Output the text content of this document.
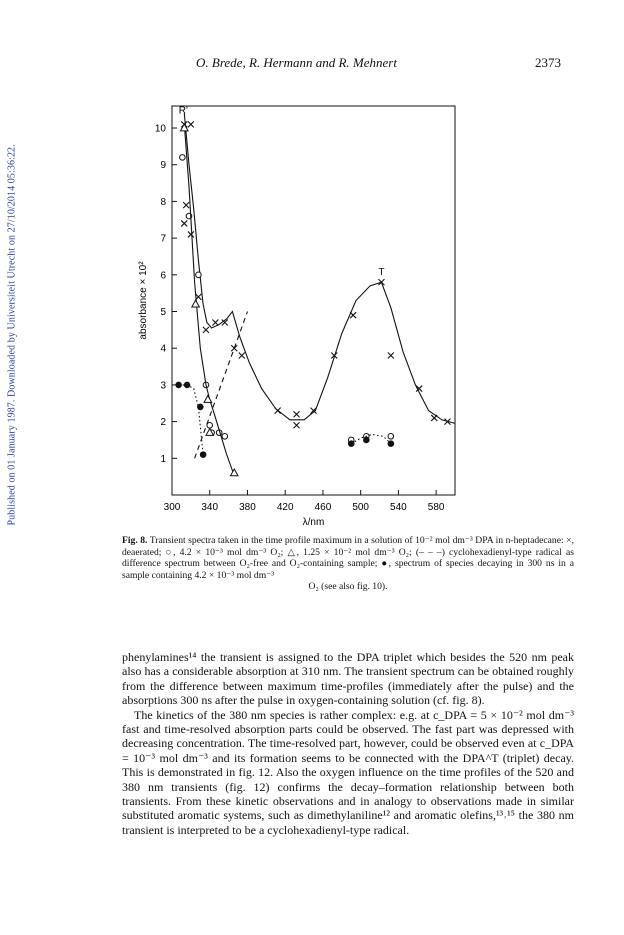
Published on 01 January 1987. Downloaded by Universiteit Utrecht on 27/10/2014 05:36:22.
O. Brede, R. Hermann and R. Mehnert	2373
300 340 380 420 460 500 540 580
1
2
3
4
5
6
7
8
9
10
λ/nm
absorbance × 10²
R'
T
Fig. 8. Transient spectra taken in the time profile maximum in a solution of 10⁻² mol dm⁻³ DPA in n-heptadecane: ×, deaerated; ○, 4.2 × 10⁻³ mol dm⁻³ O₂; △, 1.25 × 10⁻² mol dm⁻³ O₂; (– – –) cyclohexadienyl-type radical as difference spectrum between O₂-free and O₂-containing sample; ●, spectrum of species decaying in 300 ns in a sample containing 4.2 × 10⁻³ mol dm⁻³
O₂ (see also fig. 10).

phenylamines¹⁴ the transient is assigned to the DPA triplet which besides the 520 nm peak also has a considerable absorption at 310 nm. The transient spectrum can be obtained roughly from the difference between maximum time-profiles (immediately after the pulse) and the absorptions 300 ns after the pulse in oxygen-containing solution (cf. fig. 8).

The kinetics of the 380 nm species is rather complex: e.g. at c_DPA = 5 × 10⁻² mol dm⁻³ fast and time-resolved absorption parts could be observed. The fast part was depressed with decreasing concentration. The time-resolved part, however, could be observed even at c_DPA = 10⁻³ mol dm⁻³ and its formation seems to be connected with the DPA^T (triplet) decay. This is demonstrated in fig. 12. Also the oxygen influence on the time profiles of the 520 and 380 nm transients (fig. 12) confirms the decay–formation relationship between both transients. From these kinetic observations and in analogy to observations made in similar substituted aromatic systems, such as dimethylaniline¹² and aromatic olefins,¹³˒¹⁵ the 380 nm transient is interpreted to be a cyclohexadienyl-type radical.
